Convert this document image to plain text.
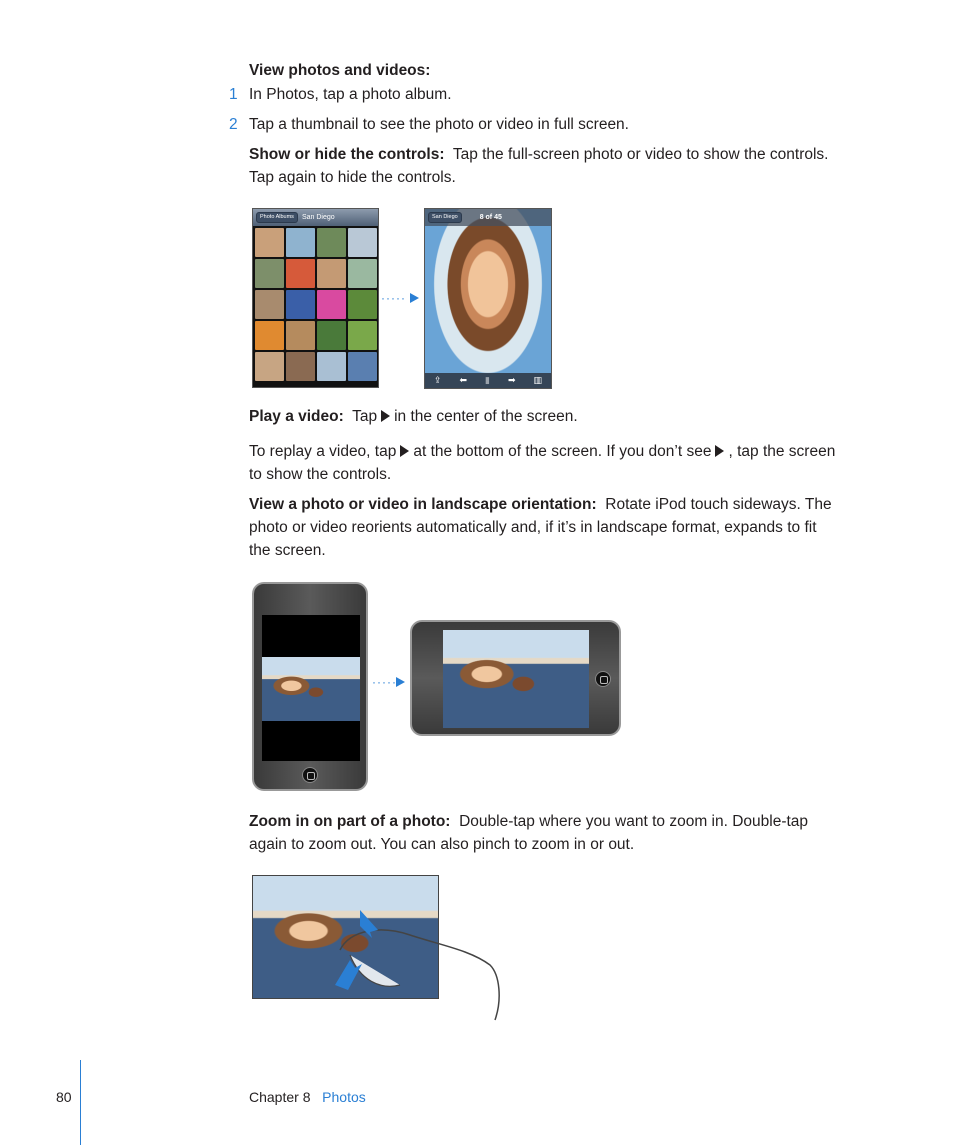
View photos and videos:
1 In Photos, tap a photo album.
2 Tap a thumbnail to see the photo or video in full screen.
Show or hide the controls: Tap the full-screen photo or video to show the controls.
Tap again to hide the controls.
Photo Albums	San Diego
·····
San Diego	8 of 45
⇪ ⬅ ▮ ➡ ▥
Play a video: Tap in the center of the screen.
To replay a video, tap at the bottom of the screen. If you don’t see , tap the screen
to show the controls.
View a photo or video in landscape orientation: Rotate iPod touch sideways. The
photo or video reorients automatically and, if it’s in landscape format, expands to fit
the screen.
·····
Zoom in on part of a photo: Double-tap where you want to zoom in. Double-tap
again to zoom out. You can also pinch to zoom in or out.
80	Chapter 8 Photos
